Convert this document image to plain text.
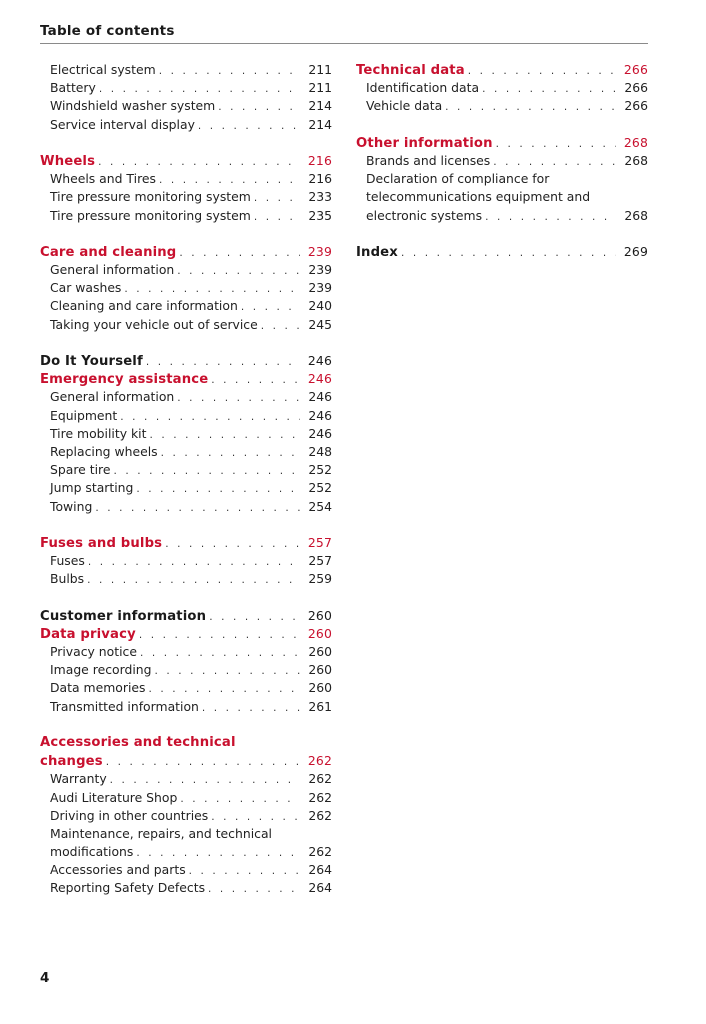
Table of contents
Electrical system . . .	211
Battery . . .	211
Windshield washer system . . .	214
Service interval display . . .	214
Wheels . . .	216
Wheels and Tires . . .	216
Tire pressure monitoring system . . .	233
Tire pressure monitoring system . . .	235
Care and cleaning . . .	239
General information . . .	239
Car washes . . .	239
Cleaning and care information . . .	240
Taking your vehicle out of service . . .	245
Do It Yourself . . .	246
Emergency assistance . . .	246
General information . . .	246
Equipment . . .	246
Tire mobility kit . . .	246
Replacing wheels . . .	248
Spare tire . . .	252
Jump starting . . .	252
Towing . . .	254
Fuses and bulbs . . .	257
Fuses . . .	257
Bulbs . . .	259
Customer information . . .	260
Data privacy . . .	260
Privacy notice . . .	260
Image recording . . .	260
Data memories . . .	260
Transmitted information . . .	261
Accessories and technical
changes . . .	262
Warranty . . .	262
Audi Literature Shop . . .	262
Driving in other countries . . .	262
Maintenance, repairs, and technical
modifications . . .	262
Accessories and parts . . .	264
Reporting Safety Defects . . .	264
Technical data . . .	266
Identification data . . .	266
Vehicle data . . .	266
Other information . . .	268
Brands and licenses . . .	268
Declaration of compliance for
telecommunications equipment and
electronic systems . . .	268
Index . . .	269
4
